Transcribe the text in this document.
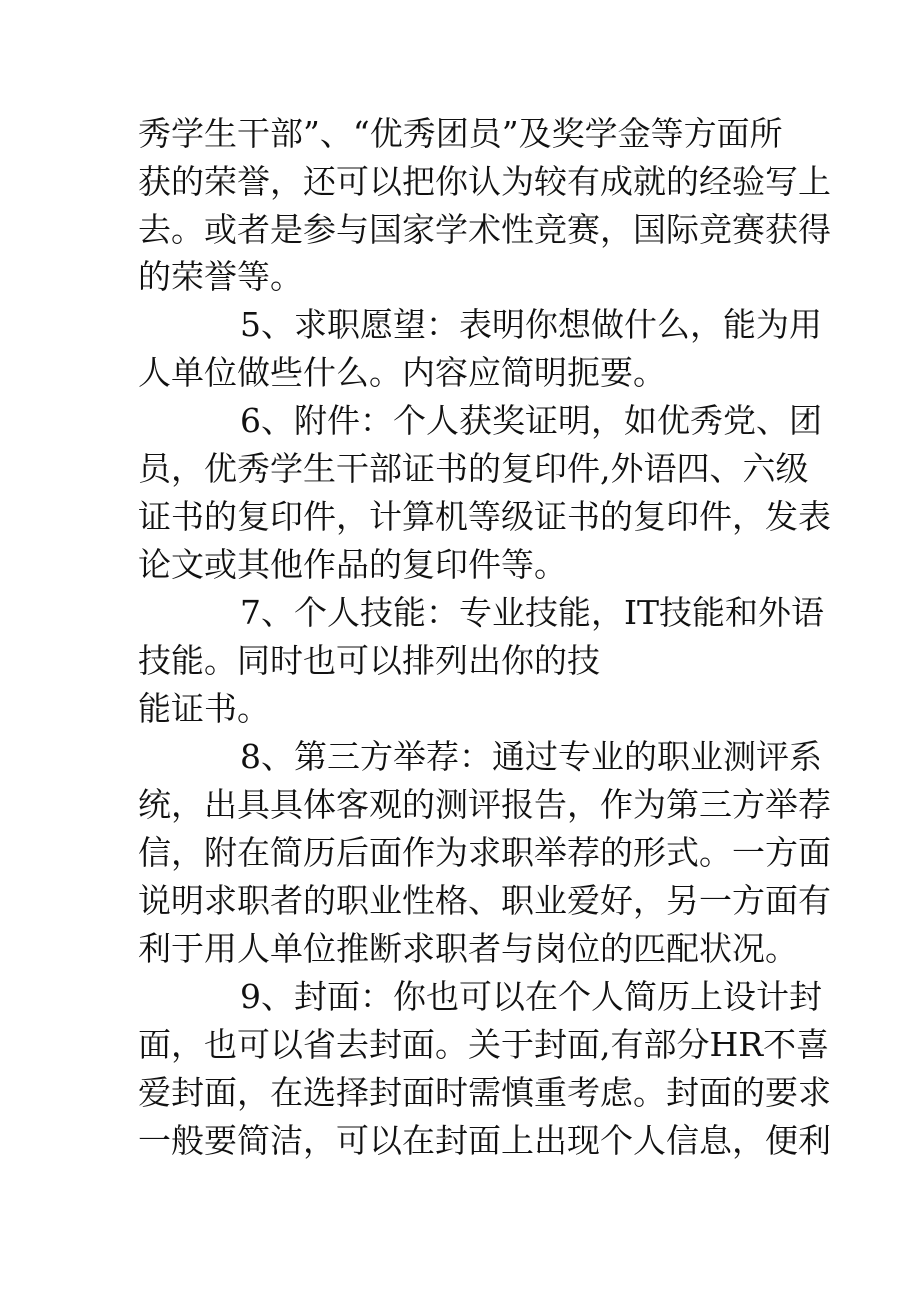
秀学生干部”、“优秀团员”及奖学金等方面所

获的荣誉，还可以把你认为较有成就的经验写上

去。或者是参与国家学术性竞赛，国际竞赛获得

的荣誉等。

5、求职愿望：表明你想做什么，能为用

人单位做些什么。内容应简明扼要。

6、附件：个人获奖证明，如优秀党、团

员，优秀学生干部证书的复印件,外语四、六级

证书的复印件，计算机等级证书的复印件，发表

论文或其他作品的复印件等。

7、个人技能：专业技能，IT技能和外语

技能。同时也可以排列出你的技

能证书。

8、第三方举荐：通过专业的职业测评系

统，出具具体客观的测评报告，作为第三方举荐

信，附在简历后面作为求职举荐的形式。一方面

说明求职者的职业性格、职业爱好，另一方面有

利于用人单位推断求职者与岗位的匹配状况。

9、封面：你也可以在个人简历上设计封

面，也可以省去封面。关于封面,有部分HR不喜

爱封面，在选择封面时需慎重考虑。封面的要求

一般要简洁，可以在封面上出现个人信息，便利
